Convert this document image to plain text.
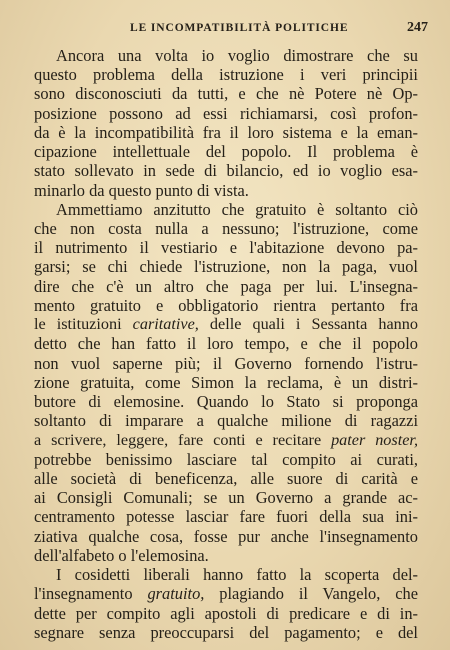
LE INCOMPATIBILITÀ POLITICHE	247
Ancora una volta io voglio dimostrare che su
questo problema della istruzione i veri principii
sono disconosciuti da tutti, e che nè Potere nè Op-
posizione possono ad essi richiamarsi, così profon-
da è la incompatibilità fra il loro sistema e la eman-
cipazione intellettuale del popolo. Il problema è
stato sollevato in sede di bilancio, ed io voglio esa-
minarlo da questo punto di vista.
Ammettiamo anzitutto che gratuito è soltanto ciò
che non costa nulla a nessuno; l'istruzione, come
il nutrimento il vestiario e l'abitazione devono pa-
garsi; se chi chiede l'istruzione, non la paga, vuol
dire che c'è un altro che paga per lui. L'insegna-
mento gratuito e obbligatorio rientra pertanto fra
le istituzioni caritative, delle quali i Sessanta hanno
detto che han fatto il loro tempo, e che il popolo
non vuol saperne più; il Governo fornendo l'istru-
zione gratuita, come Simon la reclama, è un distri-
butore di elemosine. Quando lo Stato si proponga
soltanto di imparare a qualche milione di ragazzi
a scrivere, leggere, fare conti e recitare pater noster,
potrebbe benissimo lasciare tal compito ai curati,
alle società di beneficenza, alle suore di carità e
ai Consigli Comunali; se un Governo a grande ac-
centramento potesse lasciar fare fuori della sua ini-
ziativa qualche cosa, fosse pur anche l'insegnamento
dell'alfabeto o l'elemosina.
I cosidetti liberali hanno fatto la scoperta del-
l'insegnamento gratuito, plagiando il Vangelo, che
dette per compito agli apostoli di predicare e di in-
segnare senza preoccuparsi del pagamento; e del
